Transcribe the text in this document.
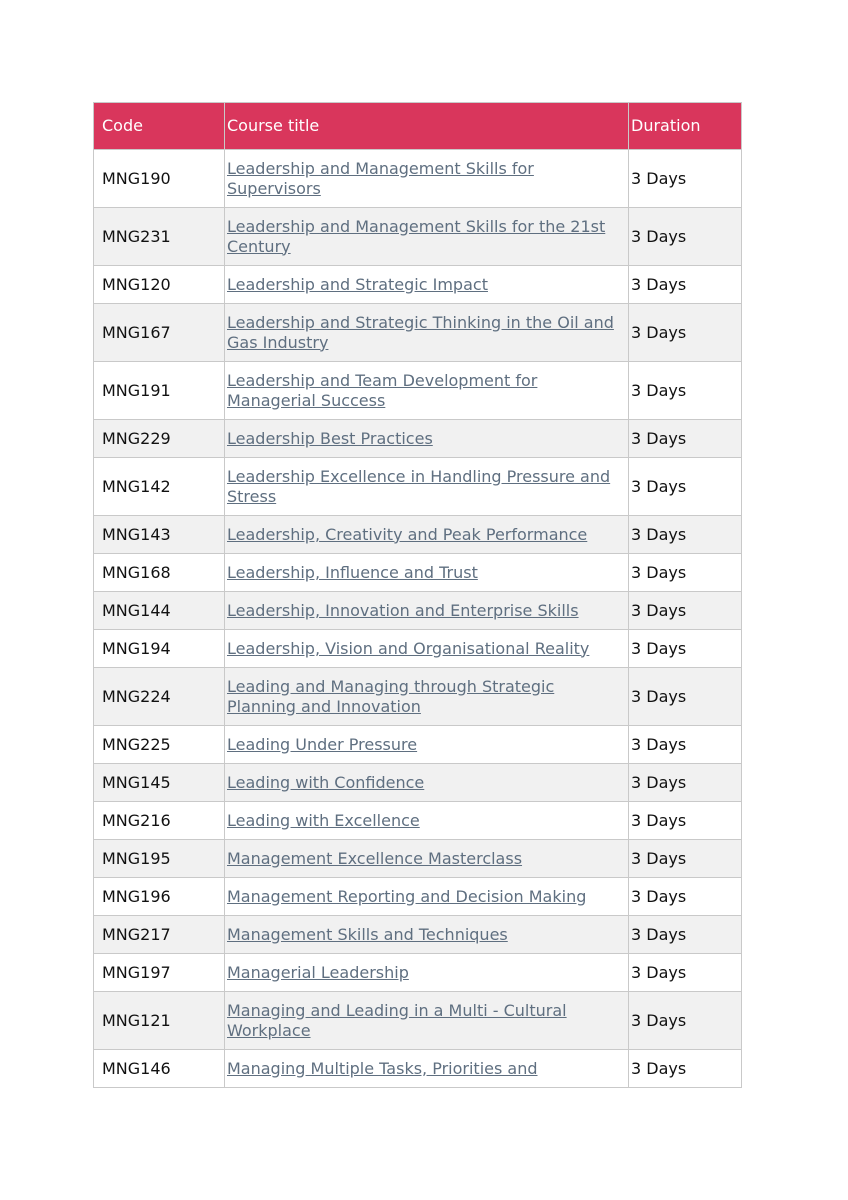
Code	Course title	Duration
MNG190	Leadership and Management Skills for Supervisors	3 Days
MNG231	Leadership and Management Skills for the 21st Century	3 Days
MNG120	Leadership and Strategic Impact	3 Days
MNG167	Leadership and Strategic Thinking in the Oil and Gas Industry	3 Days
MNG191	Leadership and Team Development for Managerial Success	3 Days
MNG229	Leadership Best Practices	3 Days
MNG142	Leadership Excellence in Handling Pressure and Stress	3 Days
MNG143	Leadership, Creativity and Peak Performance	3 Days
MNG168	Leadership, Influence and Trust	3 Days
MNG144	Leadership, Innovation and Enterprise Skills	3 Days
MNG194	Leadership, Vision and Organisational Reality	3 Days
MNG224	Leading and Managing through Strategic Planning and Innovation	3 Days
MNG225	Leading Under Pressure	3 Days
MNG145	Leading with Confidence	3 Days
MNG216	Leading with Excellence	3 Days
MNG195	Management Excellence Masterclass	3 Days
MNG196	Management Reporting and Decision Making	3 Days
MNG217	Management Skills and Techniques	3 Days
MNG197	Managerial Leadership	3 Days
MNG121	Managing and Leading in a Multi - Cultural Workplace	3 Days
MNG146	Managing Multiple Tasks, Priorities and	3 Days
